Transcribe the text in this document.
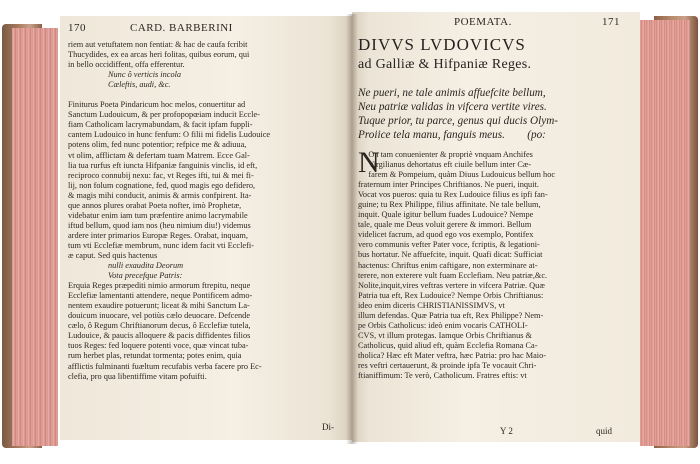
170	CARD. BARBERINI
riem aut vetuftatem non fentiat: & hac de caufa fcribit
Thucydides, ex ea arcas heri folitas, quibus eorum, qui
in bello occidiffent, offa efferentur.
Nunc ô verticis incola
Cæleftis, audi, &c.
Finiturus Poeta Pindaricum hoc melos, conuertitur ad
Sanctum Ludouicum, & per profopopœiam inducit Eccle-
fiam Catholicam lacrymabundam, & facit ipfam fuppli-
cantem Ludouico in hunc fenfum: O filii mi fidelis Ludouice
potens olim, fed nunc potentior; refpice me & adiuua,
vt olim, afflictam & defertam tuam Matrem. Ecce Gal-
lia tua rurfus eft iuncta Hifpaniæ fanguinis vinclis, id eft,
reciproco connubij nexu: fac, vt Reges ifti, tui & mei fi-
lij, non folum cognatione, fed, quod magis ego defidero,
& magis mihi conducit, animis & armis confpirent. Ita-
que annos plures orabat Poeta nofter, imò Prophetæ,
videbatur enim iam tum præfentire animo lacrymabile
iftud bellum, quod iam nos (heu nimium diu!) videmus
ardere inter primarios Europæ Reges. Orabat, inquam,
tum vti Ecclefiæ membrum, nunc idem facit vti Ecclefi-
æ caput. Sed quis hactenus
nulli exaudita Deorum
Vota precefque Patris:
Erquia Reges præpediti nimio armorum ftrepitu, neque
Ecclefiæ lamentanti attendere, neque Pontificem admo-
nentem exaudire potuerunt; liceat & mihi Sanctum La-
douicum inuocare, vel potiùs cælo deuocare. Defcende
cælo, ô Regum Chriftianorum decus, ô Ecclefiæ tutela,
Ludouice, & paucis alloquere & pacis diffidentes filios
tuos Reges: fed loquere potenti voce, quæ vincat tuba-
rum herbet plas, retundat tormenta; potes enim, quia
afflictis fulminanti fuæltum recufabis verba facere pro Ec-
clefia, pro qua libentiffime vitam pofuifti.
Di-
POEMATA.	171
DIVVS LVDOVICVS
ad Galliæ & Hifpaniæ Reges.
Ne pueri, ne tale animis affuefcite bellum,
Neu patriæ validas in vifcera vertite vires.
Tuque prior, tu parce, genus qui ducis Olym-
Proiice tela manu, fanguis meus.        (po:
N
On tam conuenienter & propriè vnquam Anchifes
Virgilianus dehortatus eft ciuile bellum inter Cæ-
farem & Pompeium, quàm Diuus Ludouicus bellum hoc
fraternum inter Principes Chriftianos. Ne pueri, inquit.
Vocat vos pueros: quia tu Rex Ludouice filius es ipfi fan-
guine; tu Rex Philippe, filius affinitate. Ne tale bellum,
inquit. Quale igitur bellum fuades Ludouice? Nempe
tale, quale me Deus voluit gerere & immori. Bellum
videlicet facrum, ad quod ego vos exemplo, Pontifex
vero communis vefter Pater voce, fcriptis, & legationi-
bus hortatur. Ne affuefcite, inquit. Quafi dicat: Sufficiat
hactenus: Chriftus enim caftigare, non exterminare at-
terere, non exterere vult fuam Ecclefiam. Neu patriæ,&c.
Nolite,inquit,vires veftras vertere in vifcera Patriæ. Quæ
Patria tua eft, Rex Ludouice? Nempe Orbis Chriftianus:
ideo enim diceris CHRISTIANISSIMVS, vt
illum defendas. Quæ Patria tua eft, Rex Philippe? Nem-
pe Orbis Catholicus: ideò enim vocaris CATHOLI-
CVS, vt illum protegas. Iamque Orbis Chriftianus &
Catholicus, quid aliud eft, quàm Ecclefia Romana Ca-
tholica? Hæc eft Mater veftra, hæc Patria: pro hac Maio-
res veftri certauerunt, & proinde ipfa Te vocauit Chri-
ftianiffimum: Te verò, Catholicum. Fratres eftis: vt
Y 2	quid
